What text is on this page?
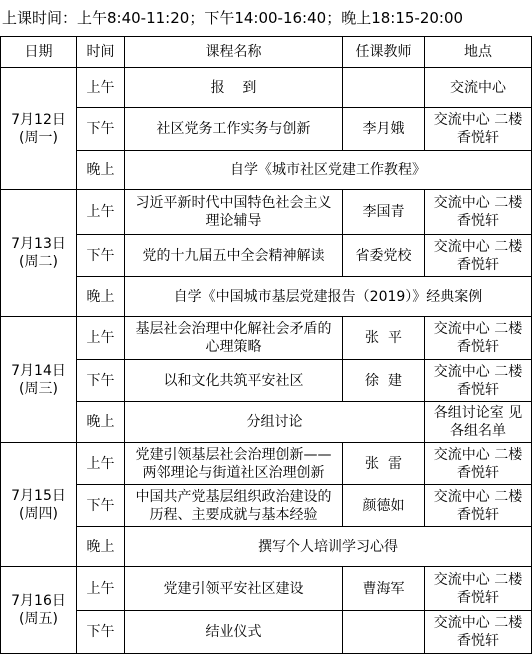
上课时间：上午8:40-11:20；下午14:00-16:40；晚上18:15-20:00
日期	时间	课程名称	任课教师	地点

7月12日
(周一)	上午	报    到		交流中心
	下午	社区党务工作实务与创新	李月娥	交流中心 二楼香悦轩
	晚上	自学《城市社区党建工作教程》		

7月13日
(周二)	上午	习近平新时代中国特色社会主义理论辅导	李国青	交流中心 二楼香悦轩
	下午	党的十九届五中全会精神解读	省委党校	交流中心 二楼香悦轩
	晚上	自学《中国城市基层党建报告（2019）》经典案例		

7月14日
(周三)	上午	基层社会治理中化解社会矛盾的心理策略	张  平	交流中心 二楼香悦轩
	下午	以和文化共筑平安社区	徐  建	交流中心 二楼香悦轩
	晚上	分组讨论		各组讨论室 见各组名单

7月15日
(周四)	上午	党建引领基层社会治理创新——两邻理论与街道社区治理创新	张  雷	交流中心 二楼香悦轩
	下午	中国共产党基层组织政治建设的历程、主要成就与基本经验	颜德如	交流中心 二楼香悦轩
	晚上	撰写个人培训学习心得		

7月16日
(周五)	上午	党建引领平安社区建设	曹海军	交流中心 二楼香悦轩
	下午	结业仪式		交流中心 二楼香悦轩
